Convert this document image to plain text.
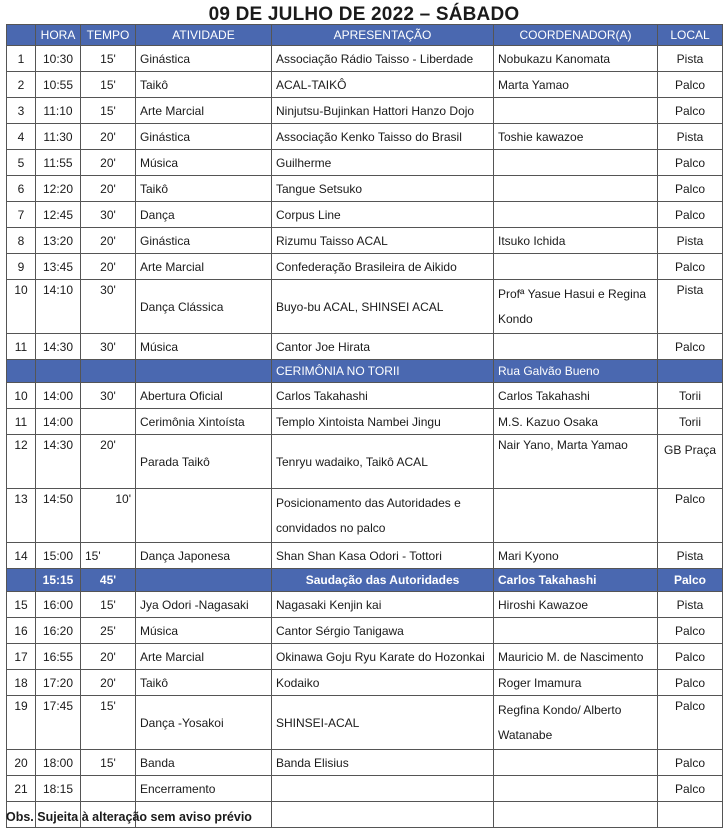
09 DE JULHO DE 2022 – SÁBADO
	HORA	TEMPO	ATIVIDADE	APRESENTAÇÃO	COORDENADOR(A)	LOCAL
1	10:30	15'	Ginástica	Associação Rádio Taisso - Liberdade	Nobukazu Kanomata	Pista
2	10:55	15'	Taikô	ACAL-TAIKÔ	Marta Yamao	Palco
3	11:10	15'	Arte Marcial	Ninjutsu-Bujinkan Hattori Hanzo Dojo		Palco
4	11:30	20'	Ginástica	Associação Kenko Taisso do Brasil	Toshie kawazoe	Pista
5	11:55	20'	Música	Guilherme		Palco
6	12:20	20'	Taikô	Tangue Setsuko		Palco
7	12:45	30'	Dança	Corpus Line		Palco
8	13:20	20'	Ginástica	Rizumu Taisso ACAL	Itsuko Ichida	Pista
9	13:45	20'	Arte Marcial	Confederação Brasileira de Aikido		Palco
10	14:10	30'	Dança Clássica	Buyo-bu ACAL, SHINSEI ACAL	Profª Yasue Hasui e Regina Kondo	Pista
11	14:30	30'	Música	Cantor Joe Hirata		Palco
				CERIMÔNIA NO TORII	Rua Galvão Bueno	
10	14:00	30'	Abertura Oficial	Carlos Takahashi	Carlos Takahashi	Torii
11	14:00		Cerimônia Xintoísta	Templo Xintoista Nambei Jingu	M.S. Kazuo Osaka	Torii
12	14:30	20'	Parada Taikô	Tenryu wadaiko, Taikô ACAL	Nair Yano, Marta Yamao	GB Praça
13	14:50	10'		Posicionamento das Autoridades e convidados no palco		Palco
14	15:00	15'	Dança Japonesa	Shan Shan Kasa Odori - Tottori	Mari Kyono	Pista
	15:15	45'		Saudação das Autoridades	Carlos Takahashi	Palco
15	16:00	15'	Jya Odori -Nagasaki	Nagasaki Kenjin kai	Hiroshi Kawazoe	Pista
16	16:20	25'	Música	Cantor Sérgio Tanigawa		Palco
17	16:55	20'	Arte Marcial	Okinawa Goju Ryu Karate do Hozonkai	Mauricio M. de Nascimento	Palco
18	17:20	20'	Taikô	Kodaiko	Roger Imamura	Palco
19	17:45	15'	Dança -Yosakoi	SHINSEI-ACAL	Regfina Kondo/ Alberto Watanabe	Palco
20	18:00	15'	Banda	Banda Elisius		Palco
21	18:15		Encerramento			Palco

Obs. Sujeita à alteração sem aviso prévio
